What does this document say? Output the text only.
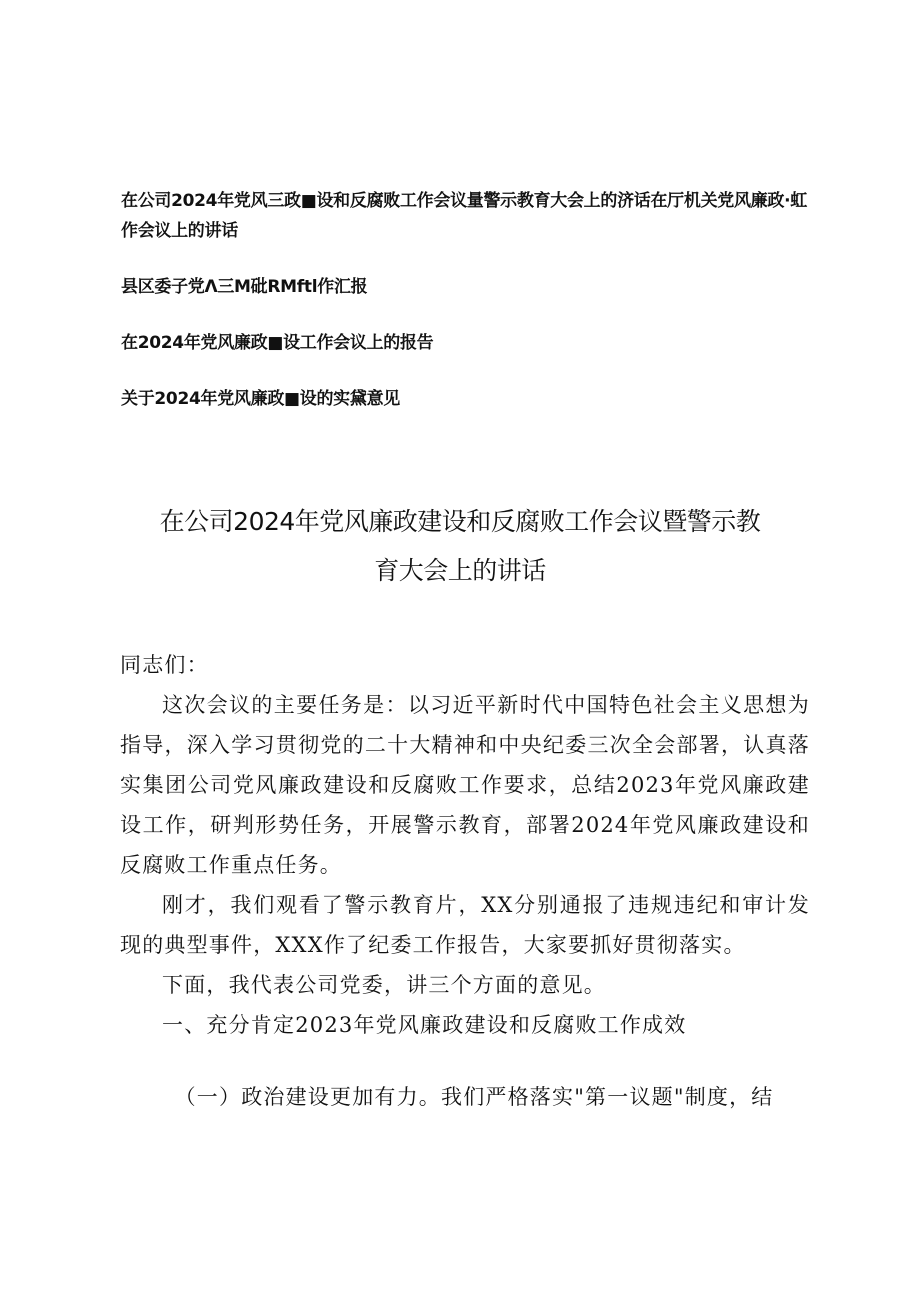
在公司2024年党风三政■设和反腐败工作会议量警示教育大会上的济话在厅机关党风廉政·虹作会议上的讲话
县区委子党Λ三M砒RMftl作汇报
在2024年党风廉政■设工作会议上的报告
关于2024年党风廉政■设的实黛意见
在公司2024年党风廉政建设和反腐败工作会议暨警示教
育大会上的讲话

同志们：

这次会议的主要任务是：以习近平新时代中国特色社会主义思想为指导，深入学习贯彻党的二十大精神和中央纪委三次全会部署，认真落实集团公司党风廉政建设和反腐败工作要求，总结2023年党风廉政建设工作，研判形势任务，开展警示教育，部署2024年党风廉政建设和反腐败工作重点任务。

刚才，我们观看了警示教育片，XX分别通报了违规违纪和审计发现的典型事件，XXX作了纪委工作报告，大家要抓好贯彻落实。

下面，我代表公司党委，讲三个方面的意见。

一、充分肯定2023年党风廉政建设和反腐败工作成效

（一）政治建设更加有力。我们严格落实"第一议题"制度，结
